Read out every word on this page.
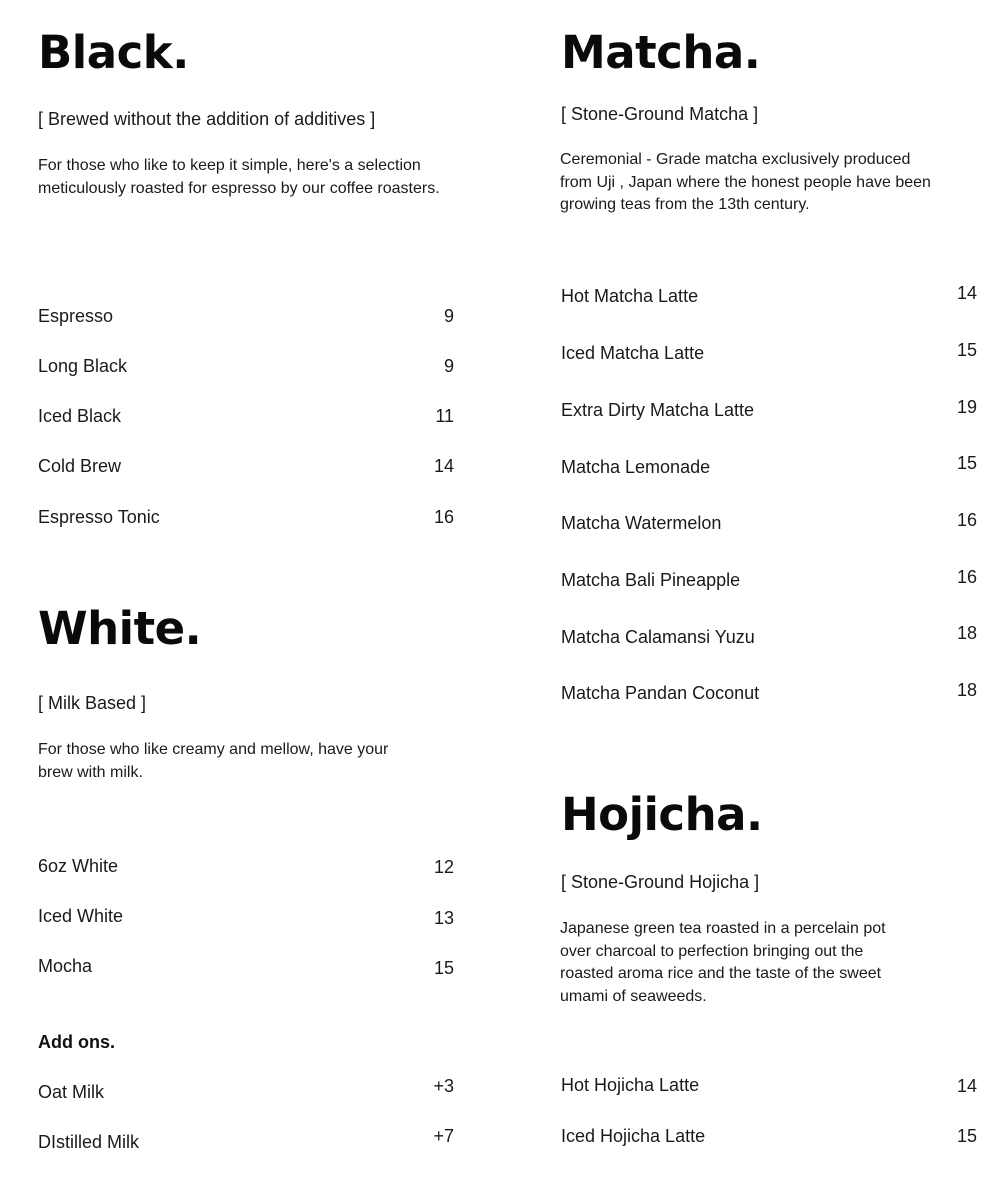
Black.
[ Brewed without the addition of additives ]
For those who like to keep it simple, here's a selection meticulously roasted for espresso by our coffee roasters.
Espresso	9
Long Black	9
Iced Black	11
Cold Brew	14
Espresso Tonic	16
White.
[ Milk Based ]
For those who like creamy and mellow, have your brew with milk.
6oz White	12
Iced White	13
Mocha	15
Add ons.
Oat Milk	+3
DIstilled Milk	+7
Matcha.
[ Stone-Ground Matcha ]
Ceremonial - Grade matcha exclusively produced from Uji , Japan where the honest people have been growing teas from the 13th century.
Hot Matcha Latte	14
Iced Matcha Latte	15
Extra Dirty Matcha Latte	19
Matcha Lemonade	15
Matcha Watermelon	16
Matcha Bali Pineapple	16
Matcha Calamansi Yuzu	18
Matcha Pandan Coconut	18
Hojicha.
[ Stone-Ground Hojicha ]
Japanese green tea roasted in a percelain pot over charcoal to perfection bringing out the roasted aroma rice and the taste of the sweet umami of seaweeds.
Hot Hojicha Latte	14
Iced Hojicha Latte	15
